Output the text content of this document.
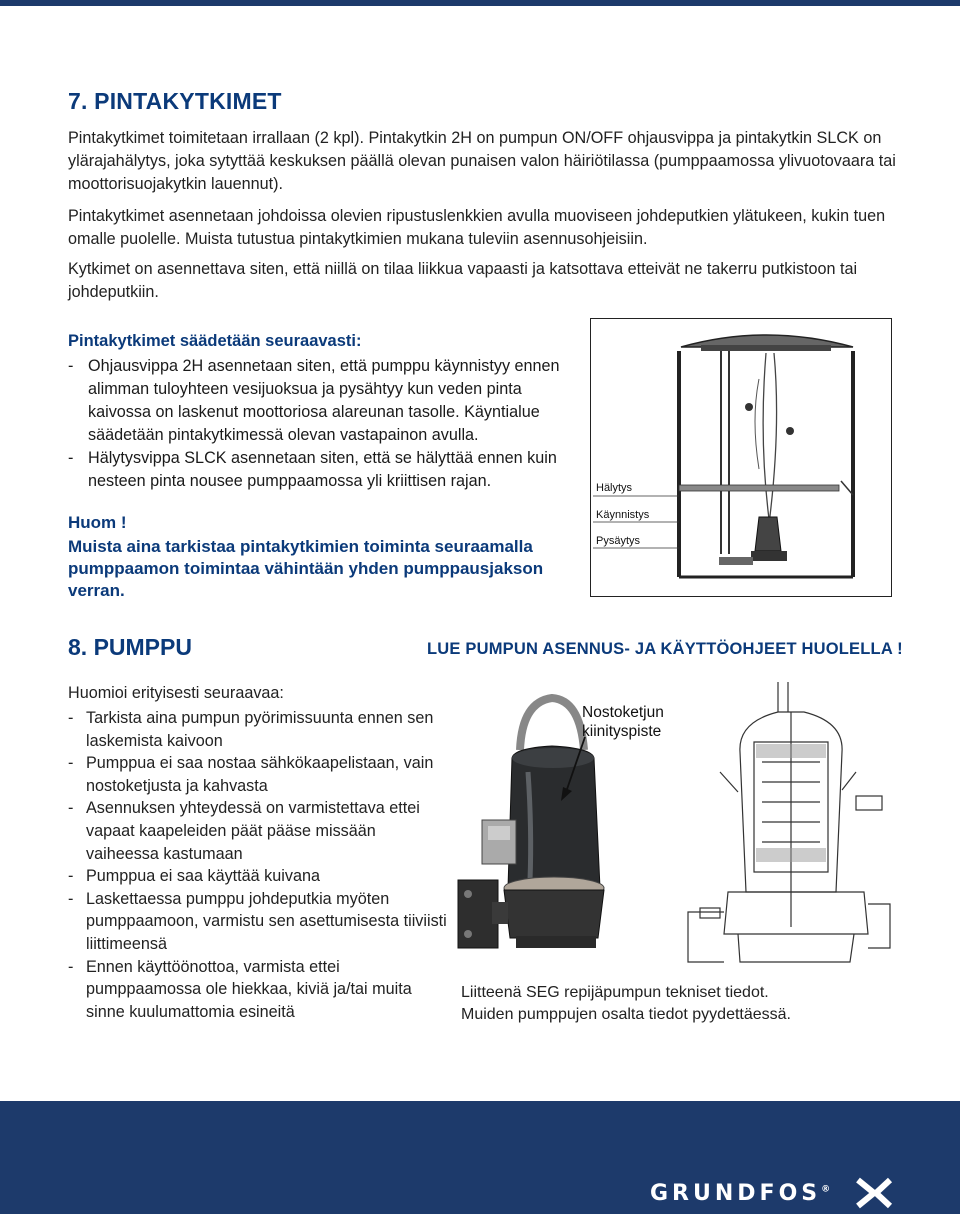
7. PINTAKYTKIMET

Pintakytkimet toimitetaan irrallaan (2 kpl). Pintakytkin 2H on pumpun ON/OFF ohjausvippa ja pintakytkin SLCK on ylärajahälytys, joka sytyttää keskuksen päällä olevan punaisen valon häiriötilassa (pumppaamossa ylivuotovaara tai moottorisuojakytkin lauennut).

Pintakytkimet asennetaan johdoissa olevien ripustuslenkkien avulla muoviseen johdeputkien ylätukeen, kukin tuen omalle puolelle. Muista tutustua pintakytkimien mukana tuleviin asennusohjeisiin.

Kytkimet on asennettava siten, että niillä on tilaa liikkua vapaasti ja katsottava etteivät ne takerru putkistoon tai johdeputkiin.

Pintakytkimet säädetään seuraavasti:
- Ohjausvippa 2H asennetaan siten, että pumppu käynnistyy ennen alimman tuloyhteen vesijuoksua ja pysähtyy kun veden pinta kaivossa on laskenut moottoriosa alareunan tasolle. Käyntialue säädetään pintakytkimessä olevan vastapainon avulla.
- Hälytysvippa SLCK asennetaan siten, että se hälyttää ennen kuin nesteen pinta nousee pumppaamossa yli kriittisen rajan.
Huom !
Muista aina tarkistaa pintakytkimien toiminta seuraamalla pumppaamon toimintaa vähintään yhden pumppausjakson verran.
Hälytys
Käynnistys
Pysäytys
8. PUMPPU	LUE PUMPUN ASENNUS- JA KÄYTTÖOHJEET HUOLELLA !
Huomioi erityisesti seuraavaa:
- Tarkista aina pumpun pyörimissuunta ennen sen laskemista kaivoon
- Pumppua ei saa nostaa sähkökaapelistaan, vain nostoketjusta ja kahvasta
- Asennuksen yhteydessä on varmistettava ettei vapaat kaapeleiden päät pääse missään vaiheessa kastumaan
- Pumppua ei saa käyttää kuivana
- Laskettaessa pumppu johdeputkia myöten pumppaamoon, varmistu sen asettumisesta tiiviisti liittimeensä
- Ennen käyttöönottoa, varmista ettei pumppaamossa ole hiekkaa, kiviä ja/tai muita sinne kuulumattomia esineitä
Nostoketjun
kiinityspiste
Liitteenä SEG repijäpumpun tekniset tiedot.
Muiden pumppujen osalta tiedot pyydettäessä.
GRUNDFOS®
